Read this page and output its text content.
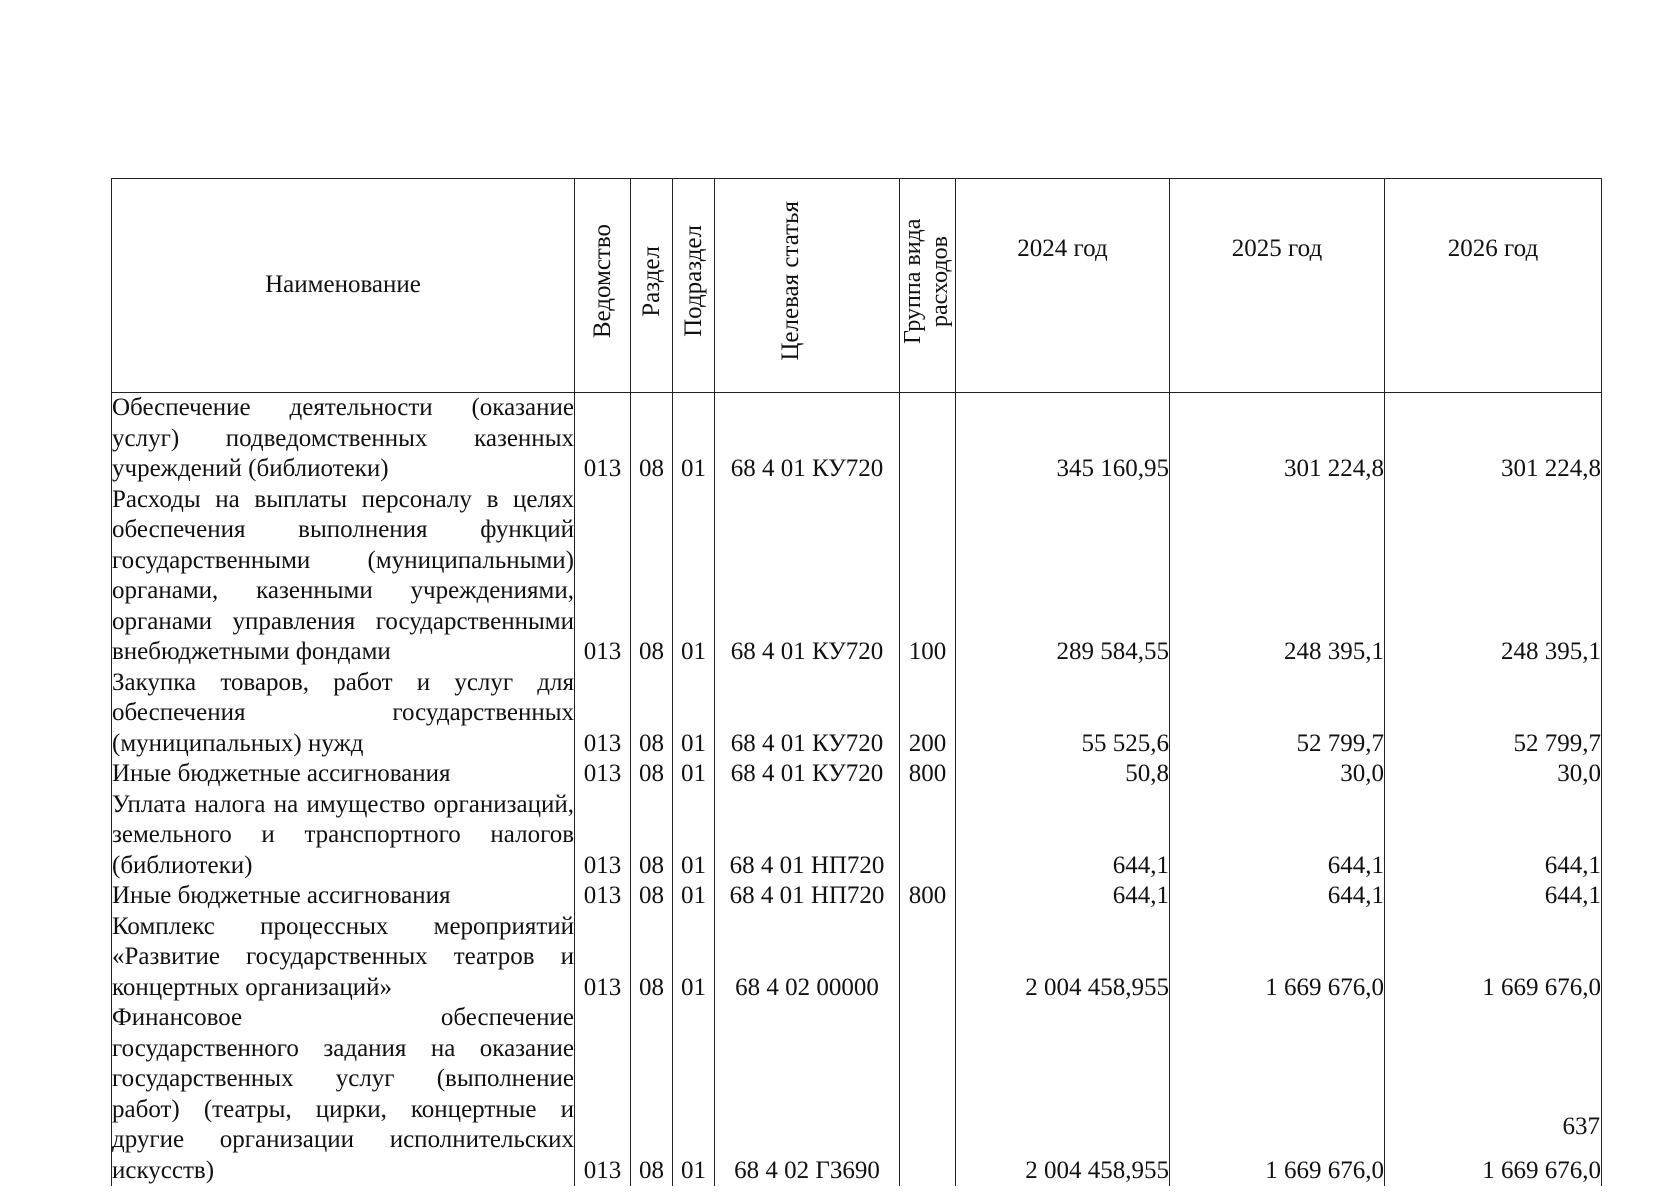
Наименование	Ведомство	Раздел	Подраздел	Целевая статья	Группа вида расходов	2024 год	2025 год	2026 год
Обеспечение деятельности (оказание услуг) подведомственных казенных учреждений (библиотеки)	013	08	01	68 4 01 КУ720		345 160,95	301 224,8	301 224,8
Расходы на выплаты персоналу в целях обеспечения выполнения функций государственными (муниципальными) органами, казенными учреждениями, органами управления государственными внебюджетными фондами	013	08	01	68 4 01 КУ720	100	289 584,55	248 395,1	248 395,1
Закупка товаров, работ и услуг для обеспечения государственных (муниципальных) нужд	013	08	01	68 4 01 КУ720	200	55 525,6	52 799,7	52 799,7
Иные бюджетные ассигнования	013	08	01	68 4 01 КУ720	800	50,8	30,0	30,0
Уплата налога на имущество организаций, земельного и транспортного налогов (библиотеки)	013	08	01	68 4 01 НП720		644,1	644,1	644,1
Иные бюджетные ассигнования	013	08	01	68 4 01 НП720	800	644,1	644,1	644,1
Комплекс процессных мероприятий «Развитие государственных театров и концертных организаций»	013	08	01	68 4 02 00000		2 004 458,955	1 669 676,0	1 669 676,0
Финансовое обеспечение государственного задания на оказание государственных услуг (выполнение работ) (театры, цирки, концертные и другие организации исполнительских искусств)	013	08	01	68 4 02 Г3690		2 004 458,955	1 669 676,0	1 669 676,0
637
